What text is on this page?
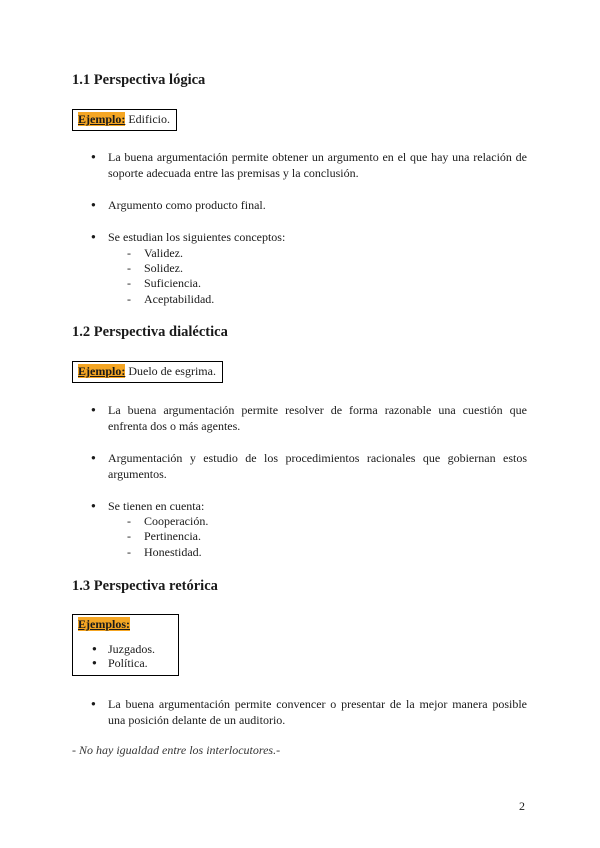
1.1 Perspectiva lógica
Ejemplo: Edificio.
● La buena argumentación permite obtener un argumento en el que hay una relación de soporte adecuada entre las premisas y la conclusión.
● Argumento como producto final.
● Se estudian los siguientes conceptos:
- Validez.
- Solidez.
- Suficiencia.
- Aceptabilidad.
1.2 Perspectiva dialéctica
Ejemplo: Duelo de esgrima.
● La buena argumentación permite resolver de forma razonable una cuestión que enfrenta dos o más agentes.
● Argumentación y estudio de los procedimientos racionales que gobiernan estos argumentos.
● Se tienen en cuenta:
- Cooperación.
- Pertinencia.
- Honestidad.
1.3 Perspectiva retórica
Ejemplos:
● Juzgados.
● Política.
● La buena argumentación permite convencer o presentar de la mejor manera posible una posición delante de un auditorio.
- No hay igualdad entre los interlocutores.-
2
